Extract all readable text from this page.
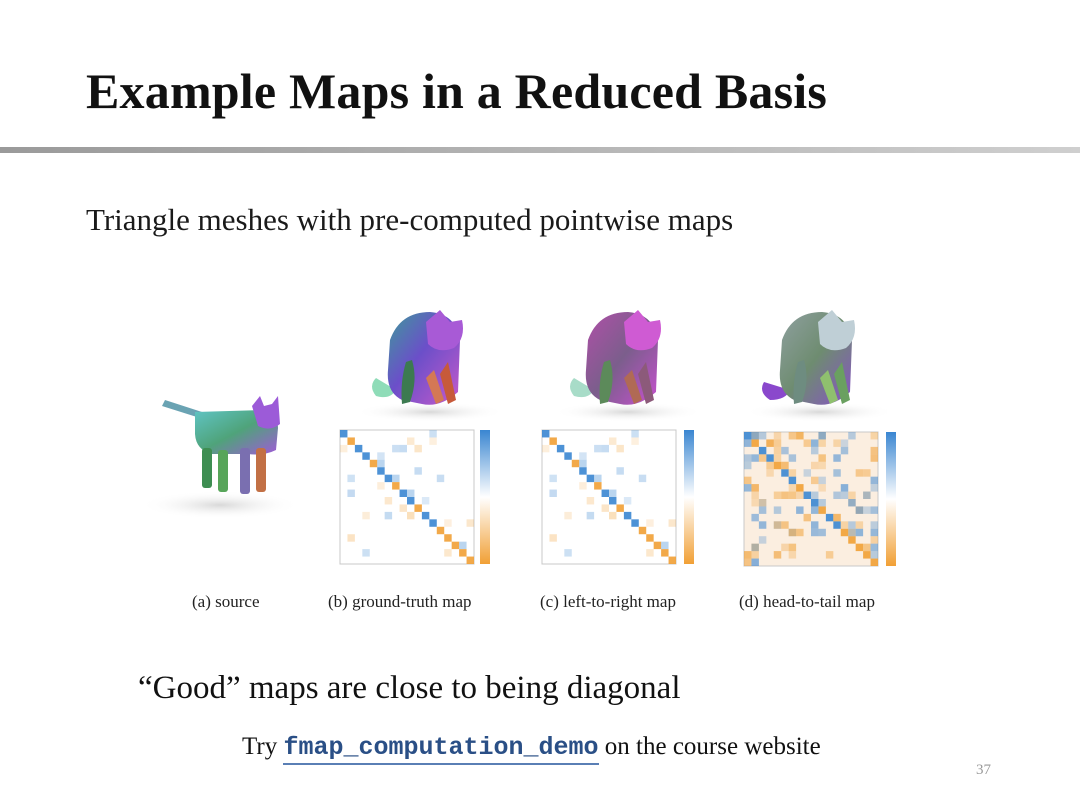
Example Maps in a Reduced Basis
Triangle meshes with pre-computed pointwise maps
(a) source	(b) ground-truth map	(c) left-to-right map	(d) head-to-tail map
“Good” maps are close to being diagonal
Try fmap_computation_demo on the course website
37
